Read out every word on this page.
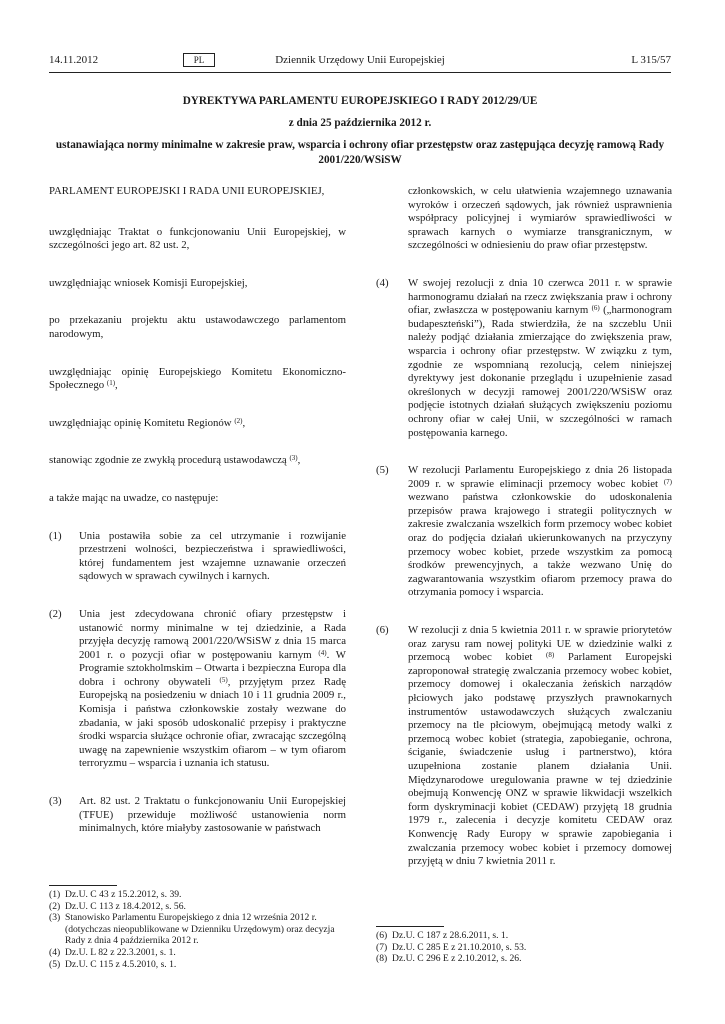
14.11.2012	PL	Dziennik Urzędowy Unii Europejskiej	L 315/57

DYREKTYWA PARLAMENTU EUROPEJSKIEGO I RADY 2012/29/UE

z dnia 25 października 2012 r.

ustanawiająca normy minimalne w zakresie praw, wsparcia i ochrony ofiar przestępstw oraz zastępująca decyzję ramową Rady 2001/220/WSiSW

PARLAMENT EUROPEJSKI I RADA UNII EUROPEJSKIEJ,

uwzględniając Traktat o funkcjonowaniu Unii Europejskiej, w szczególności jego art. 82 ust. 2,

uwzględniając wniosek Komisji Europejskiej,

po przekazaniu projektu aktu ustawodawczego parlamentom narodowym,

uwzględniając opinię Europejskiego Komitetu Ekonomiczno-Społecznego $^{(1)}$,

uwzględniając opinię Komitetu Regionów $^{(2)}$,

stanowiąc zgodnie ze zwykłą procedurą ustawodawczą $^{(3)}$,

a także mając na uwadze, co następuje:

(1) Unia postawiła sobie za cel utrzymanie i rozwijanie przestrzeni wolności, bezpieczeństwa i sprawiedliwości, której fundamentem jest wzajemne uznawanie orzeczeń sądowych w sprawach cywilnych i karnych.
(2) Unia jest zdecydowana chronić ofiary przestępstw i ustanowić normy minimalne w tej dziedzinie, a Rada przyjęła decyzję ramową 2001/220/WSiSW z dnia 15 marca 2001 r. o pozycji ofiar w postępowaniu karnym $^{(4)}$. W Programie sztokholmskim – Otwarta i bezpieczna Europa dla dobra i ochrony obywateli $^{(5)}$, przyjętym przez Radę Europejską na posiedzeniu w dniach 10 i 11 grudnia 2009 r., Komisja i państwa członkowskie zostały wezwane do zbadania, w jaki sposób udoskonalić przepisy i praktyczne środki wsparcia służące ochronie ofiar, zwracając szczególną uwagę na zapewnienie wszystkim ofiarom – w tym ofiarom terroryzmu – wsparcia i uznania ich statusu.
(3) Art. 82 ust. 2 Traktatu o funkcjonowaniu Unii Europejskiej (TFUE) przewiduje możliwość ustanowienia norm minimalnych, które miałyby zastosowanie w państwach
członkowskich, w celu ułatwienia wzajemnego uznawania wyroków i orzeczeń sądowych, jak również usprawnienia współpracy policyjnej i wymiarów sprawiedliwości w sprawach karnych o wymiarze transgranicznym, w szczególności w odniesieniu do praw ofiar przestępstw.
(4) W swojej rezolucji z dnia 10 czerwca 2011 r. w sprawie harmonogramu działań na rzecz zwiększania praw i ochrony ofiar, zwłaszcza w postępowaniu karnym $^{(6)}$ („harmonogram budapeszteński”), Rada stwierdziła, że na szczeblu Unii należy podjąć działania zmierzające do zwiększenia praw, wsparcia i ochrony ofiar przestępstw. W związku z tym, zgodnie ze wspomnianą rezolucją, celem niniejszej dyrektywy jest dokonanie przeglądu i uzupełnienie zasad określonych w decyzji ramowej 2001/220/WSiSW oraz podjęcie istotnych działań służących zwiększeniu poziomu ochrony ofiar w całej Unii, w szczególności w ramach postępowania karnego.
(5) W rezolucji Parlamentu Europejskiego z dnia 26 listopada 2009 r. w sprawie eliminacji przemocy wobec kobiet $^{(7)}$ wezwano państwa członkowskie do udoskonalenia przepisów prawa krajowego i strategii politycznych w zakresie zwalczania wszelkich form przemocy wobec kobiet oraz do podjęcia działań ukierunkowanych na przyczyny przemocy wobec kobiet, przede wszystkim za pomocą środków prewencyjnych, a także wezwano Unię do zagwarantowania wszystkim ofiarom przemocy prawa do otrzymania pomocy i wsparcia.
(6) W rezolucji z dnia 5 kwietnia 2011 r. w sprawie priorytetów oraz zarysu ram nowej polityki UE w dziedzinie walki z przemocą wobec kobiet $^{(8)}$ Parlament Europejski zaproponował strategię zwalczania przemocy wobec kobiet, przemocy domowej i okaleczania żeńskich narządów płciowych jako podstawę przyszłych prawnokarnych instrumentów ustawodawczych służących zwalczaniu przemocy na tle płciowym, obejmującą metody walki z przemocą wobec kobiet (strategia, zapobieganie, ochrona, ściganie, świadczenie usług i partnerstwo), która uzupełniona zostanie planem działania Unii. Międzynarodowe uregulowania prawne w tej dziedzinie obejmują Konwencję ONZ w sprawie likwidacji wszelkich form dyskryminacji kobiet (CEDAW) przyjętą 18 grudnia 1979 r., zalecenia i decyzje komitetu CEDAW oraz Konwencję Rady Europy w sprawie zapobiegania i zwalczania przemocy wobec kobiet i przemocy domowej przyjętą w dniu 7 kwietnia 2011 r.
(1) Dz.U. C 43 z 15.2.2012, s. 39.
(2) Dz.U. C 113 z 18.4.2012, s. 56.
(3) Stanowisko Parlamentu Europejskiego z dnia 12 września 2012 r. (dotychczas nieopublikowane w Dzienniku Urzędowym) oraz decyzja Rady z dnia 4 października 2012 r.
(4) Dz.U. L 82 z 22.3.2001, s. 1.
(5) Dz.U. C 115 z 4.5.2010, s. 1.
(6) Dz.U. C 187 z 28.6.2011, s. 1.
(7) Dz.U. C 285 E z 21.10.2010, s. 53.
(8) Dz.U. C 296 E z 2.10.2012, s. 26.
